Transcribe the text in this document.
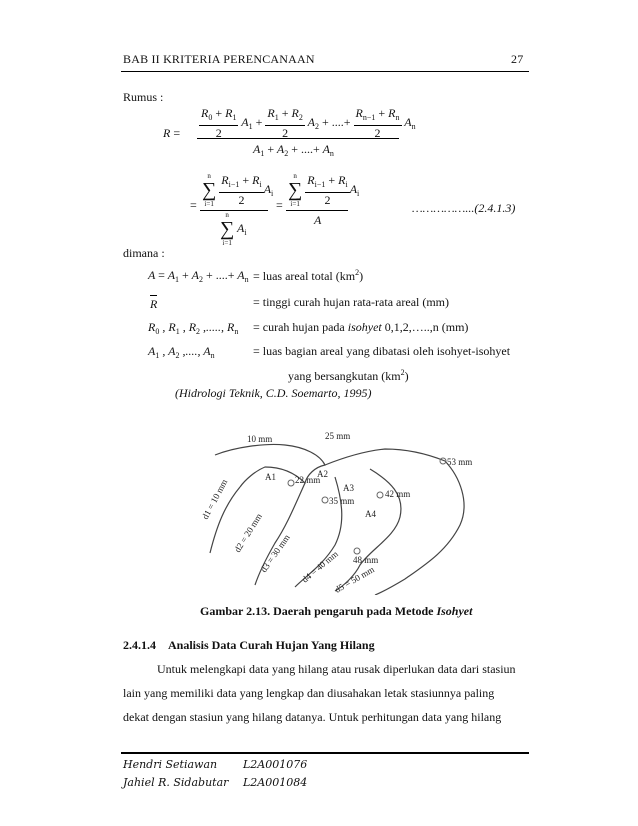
BAB II KRITERIA PERENCANAAN	27
Rumus :
$R = \frac{R_0 + R_1}{2} A_1 + \frac{R_1 + R_2}{2} A_2$ + ....+ $\frac{R_{n-1} + R_n}{2} A_n$
$A_1 + A_2$ + ....+ $A_n$
=
n
∑
i=1
$\frac{R_{i-1} + R_i}{2} A_i$
n
∑
i=1
$A_i$
=
n
∑
i=1
$\frac{R_{i-1} + R_i}{2} A_i$
A
……………...(2.4.1.3)
dimana :
$A = A_1 + A_2$ + ....+ $A_n$ = luas areal total $(km^2)$
R	= tinggi curah hujan rata-rata areal (mm)
$R_0$ , $R_1$ , $R_2$ ,....., $R_n$ = curah hujan pada isohyet 0,1,2,…..,n (mm)
$A_1$ , $A_2$ ,...., $A_n$	= luas bagian areal yang dibatasi oleh isohyet-isohyet
yang bersangkutan $(km^2)$
(Hidrologi Teknik, C.D. Soemarto, 1995)
10 mm	25 mm
53 mm
22 mm
35 mm
42 mm
48 mm
A1	A2
A3
A4
d1 = 10 mm
d2 = 20 mm
d3 = 30 mm d4 = 40 mm
d5 = 50 mm
Gambar 2.13. Daerah pengaruh pada Metode Isohyet
2.4.1.4 Analisis Data Curah Hujan Yang Hilang
Untuk melengkapi data yang hilang atau rusak diperlukan data dari stasiun
lain yang memiliki data yang lengkap dan diusahakan letak stasiunnya paling
dekat dengan stasiun yang hilang datanya. Untuk perhitungan data yang hilang
Hendri Setiawan L2A001076
Jahiel R. Sidabutar L2A001084
